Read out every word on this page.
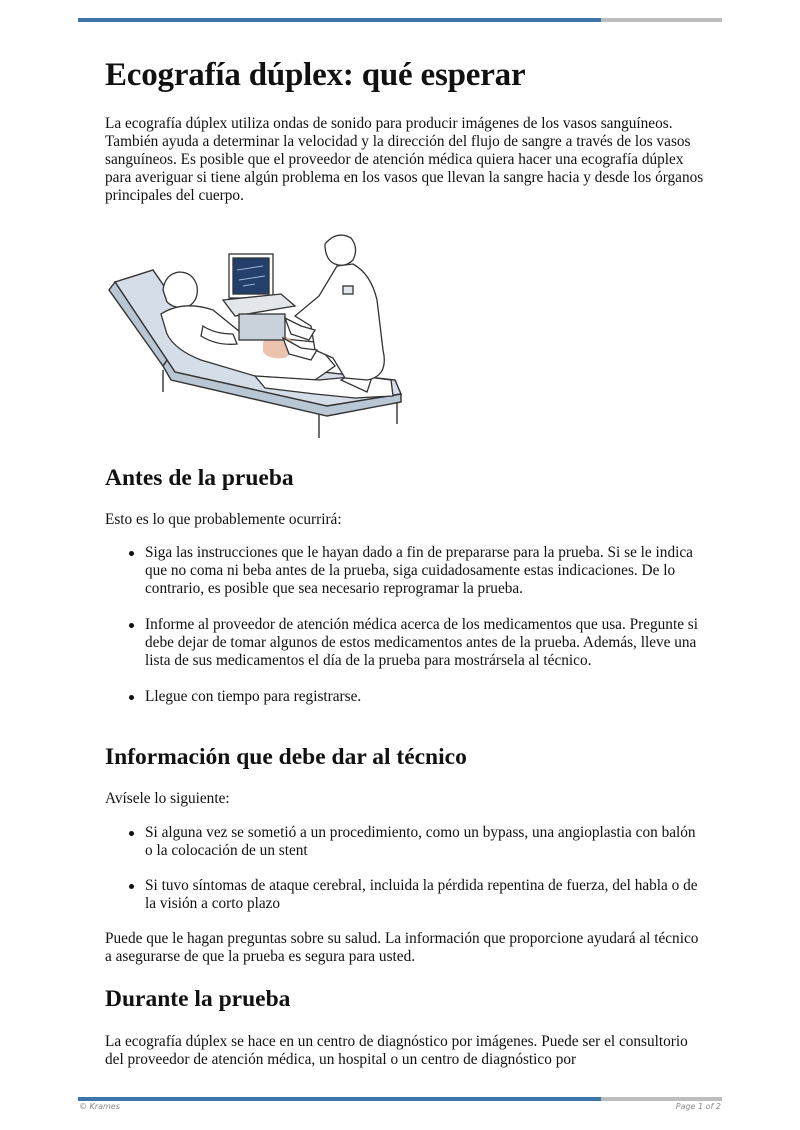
Ecografía dúplex: qué esperar

La ecografía dúplex utiliza ondas de sonido para producir imágenes de los vasos sanguíneos. También ayuda a determinar la velocidad y la dirección del flujo de sangre a través de los vasos sanguíneos. Es posible que el proveedor de atención médica quiera hacer una ecografía dúplex para averiguar si tiene algún problema en los vasos que llevan la sangre hacia y desde los órganos principales del cuerpo.

Antes de la prueba

Esto es lo que probablemente ocurrirá:

Siga las instrucciones que le hayan dado a fin de prepararse para la prueba. Si se le indica que no coma ni beba antes de la prueba, siga cuidadosamente estas indicaciones. De lo contrario, es posible que sea necesario reprogramar la prueba.
Informe al proveedor de atención médica acerca de los medicamentos que usa. Pregunte si debe dejar de tomar algunos de estos medicamentos antes de la prueba. Además, lleve una lista de sus medicamentos el día de la prueba para mostrársela al técnico.
Llegue con tiempo para registrarse.
Información que debe dar al técnico

Avísele lo siguiente:

Si alguna vez se sometió a un procedimiento, como un bypass, una angioplastia con balón o la colocación de un stent
Si tuvo síntomas de ataque cerebral, incluida la pérdida repentina de fuerza, del habla o de la visión a corto plazo

Puede que le hagan preguntas sobre su salud. La información que proporcione ayudará al técnico a asegurarse de que la prueba es segura para usted.

Durante la prueba

La ecografía dúplex se hace en un centro de diagnóstico por imágenes. Puede ser el consultorio del proveedor de atención médica, un hospital o un centro de diagnóstico por

© Krames	Page 1 of 2
